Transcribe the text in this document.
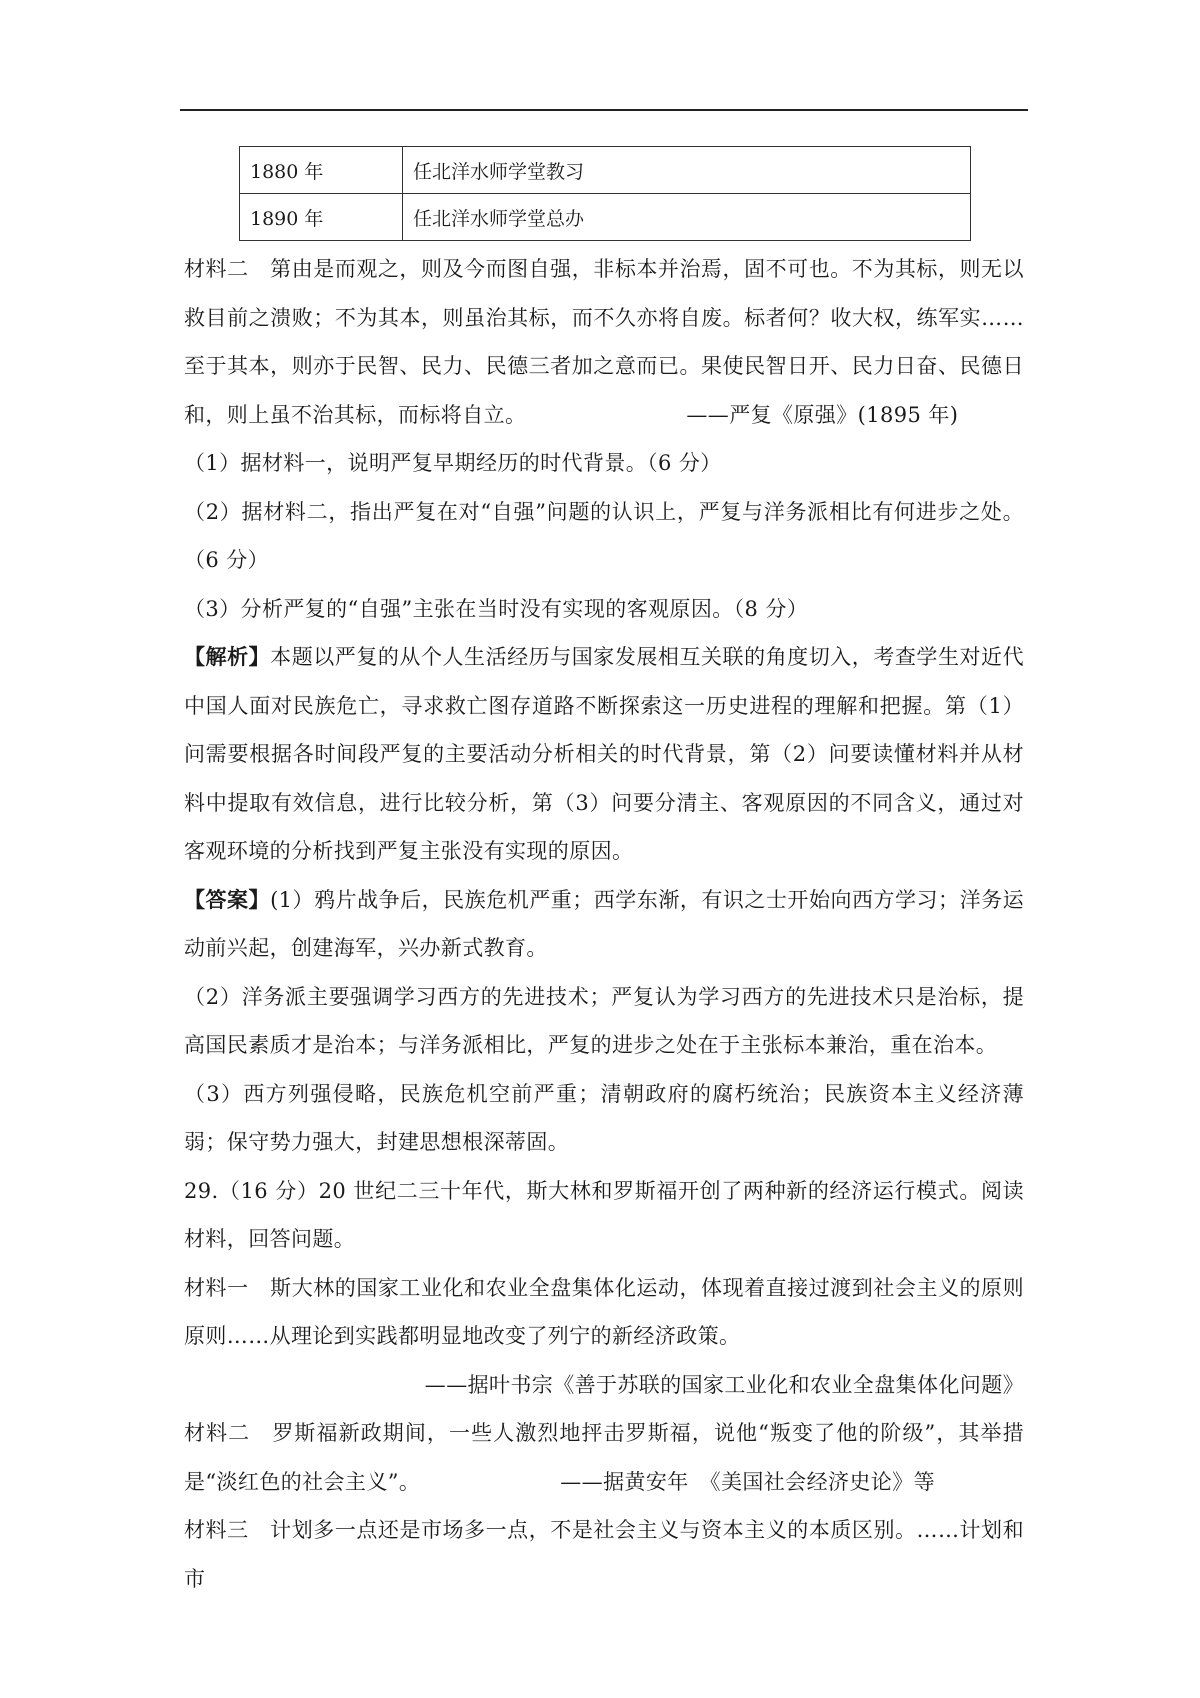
1880 年	任北洋水师学堂教习
1890 年	任北洋水师学堂总办

材料二　第由是而观之，则及今而图自强，非标本并治焉，固不可也。不为其标，则无以救目前之溃败；不为其本，则虽治其标，而不久亦将自废。标者何？收大权，练军实……至于其本，则亦于民智、民力、民德三者加之意而已。果使民智日开、民力日奋、民德日和，则上虽不治其标，而标将自立。	——严复《原强》(1895 年)

（1）据材料一，说明严复早期经历的时代背景。（6 分）

（2）据材料二，指出严复在对“自强”问题的认识上，严复与洋务派相比有何进步之处。（6 分）

（3）分析严复的“自强”主张在当时没有实现的客观原因。（8 分）

【解析】本题以严复的从个人生活经历与国家发展相互关联的角度切入，考查学生对近代中国人面对民族危亡，寻求救亡图存道路不断探索这一历史进程的理解和把握。第（1）问需要根据各时间段严复的主要活动分析相关的时代背景，第（2）问要读懂材料并从材料中提取有效信息，进行比较分析，第（3）问要分清主、客观原因的不同含义，通过对客观环境的分析找到严复主张没有实现的原因。

【答案】(1）鸦片战争后，民族危机严重；西学东渐，有识之士开始向西方学习；洋务运动前兴起，创建海军，兴办新式教育。

（2）洋务派主要强调学习西方的先进技术；严复认为学习西方的先进技术只是治标，提高国民素质才是治本；与洋务派相比，严复的进步之处在于主张标本兼治，重在治本。

（3）西方列强侵略，民族危机空前严重；清朝政府的腐朽统治；民族资本主义经济薄弱；保守势力强大，封建思想根深蒂固。

29.（16 分）20 世纪二三十年代，斯大林和罗斯福开创了两种新的经济运行模式。阅读材料，回答问题。

材料一　斯大林的国家工业化和农业全盘集体化运动，体现着直接过渡到社会主义的原则原则……从理论到实践都明显地改变了列宁的新经济政策。

——据叶书宗《善于苏联的国家工业化和农业全盘集体化问题》

材料二　罗斯福新政期间，一些人激烈地抨击罗斯福，说他“叛变了他的阶级”，其举措是“淡红色的社会主义”。	——据黄安年　《美国社会经济史论》等

材料三　计划多一点还是市场多一点，不是社会主义与资本主义的本质区别。……计划和市
